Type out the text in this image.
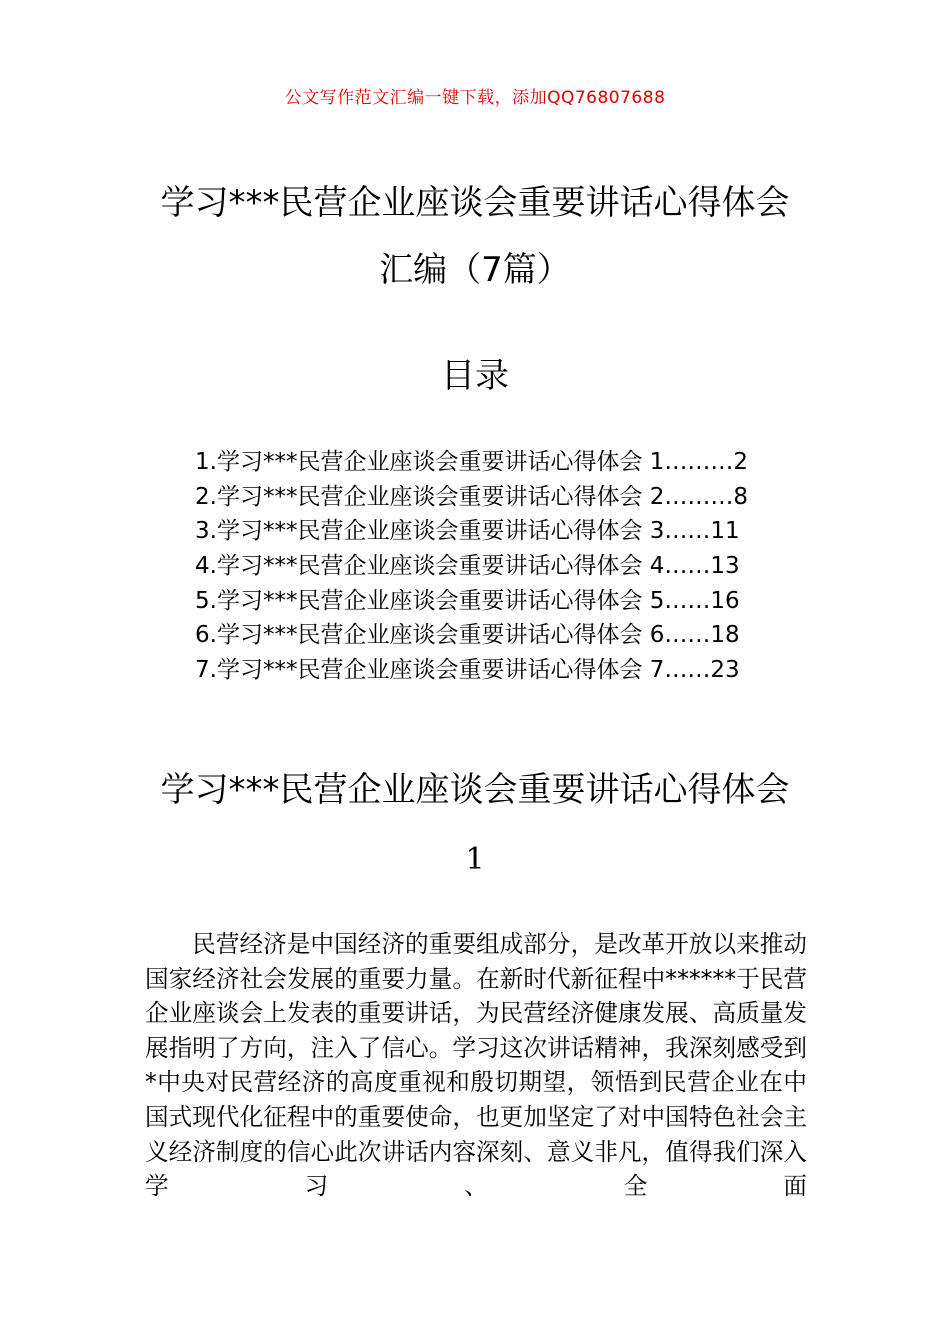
公文写作范文汇编一键下载，添加QQ76807688
学习***民营企业座谈会重要讲话心得体会
汇编（7篇）
目录
1.学习***民营企业座谈会重要讲话心得体会 1………2
2.学习***民营企业座谈会重要讲话心得体会 2………8
3.学习***民营企业座谈会重要讲话心得体会 3……11
4.学习***民营企业座谈会重要讲话心得体会 4……13
5.学习***民营企业座谈会重要讲话心得体会 5……16
6.学习***民营企业座谈会重要讲话心得体会 6……18
7.学习***民营企业座谈会重要讲话心得体会 7……23
学习***民营企业座谈会重要讲话心得体会
1

民营经济是中国经济的重要组成部分，是改革开放以来推动国家经济社会发展的重要力量。在新时代新征程中******于民营企业座谈会上发表的重要讲话，为民营经济健康发展、高质量发展指明了方向，注入了信心。学习这次讲话精神，我深刻感受到*中央对民营经济的高度重视和殷切期望，领悟到民营企业在中国式现代化征程中的重要使命，也更加坚定了对中国特色社会主义经济制度的信心此次讲话内容深刻、意义非凡，值得我们深入学习、全面
